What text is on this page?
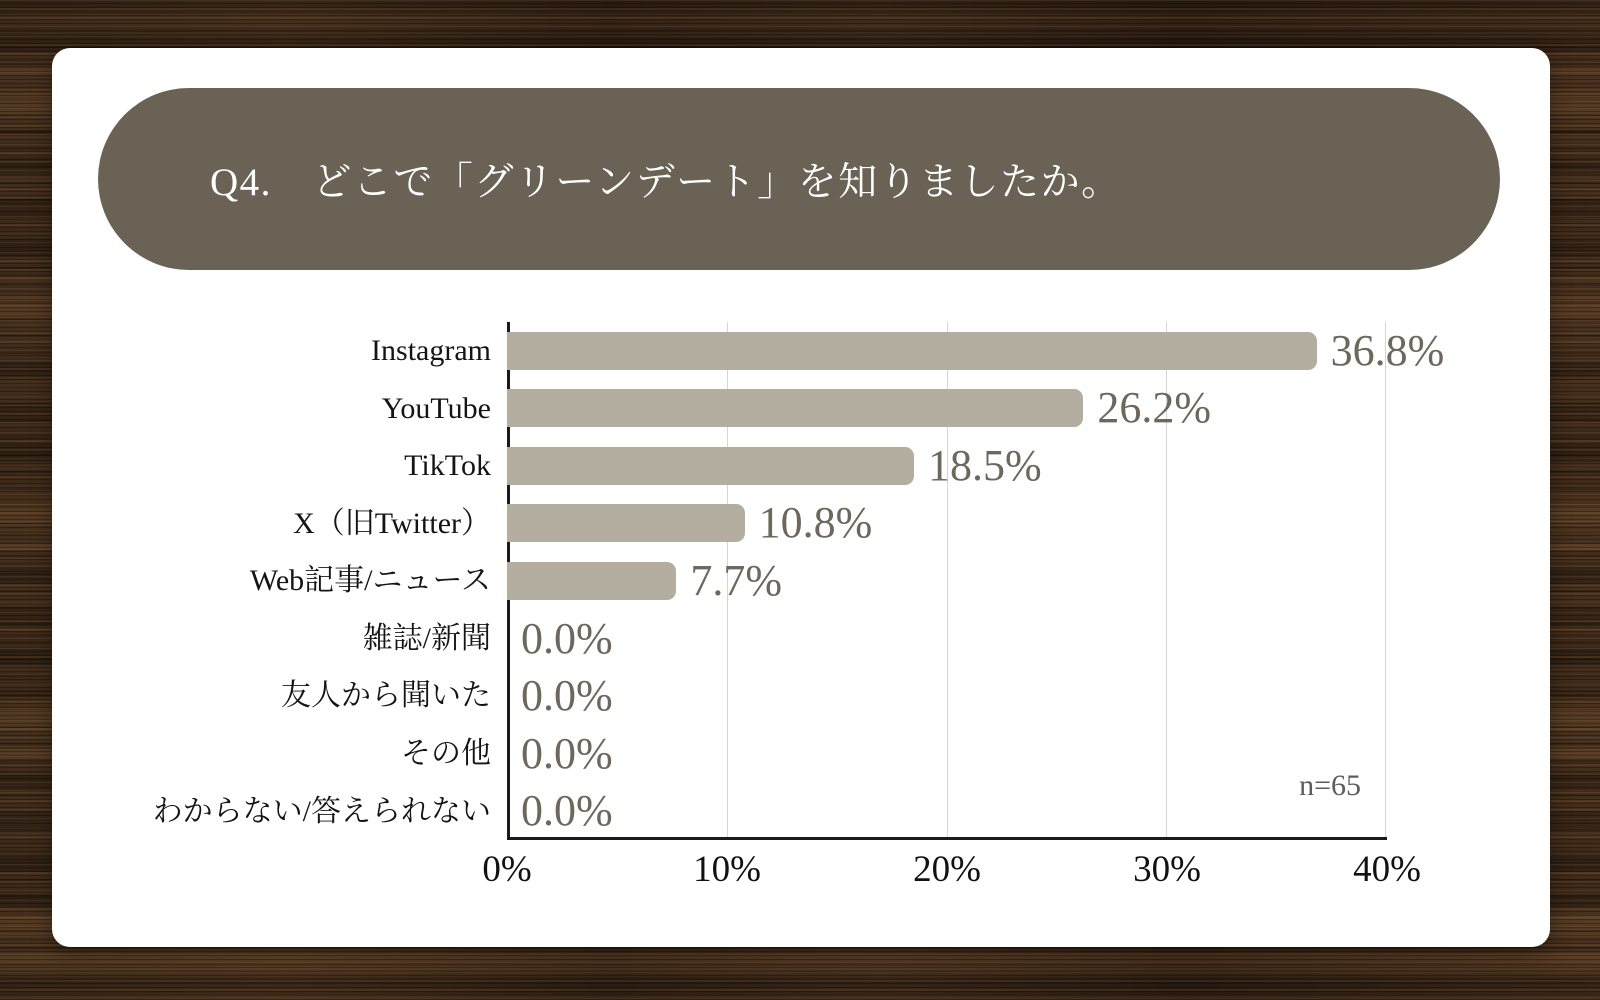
Q4.　どこで「グリーンデート」を知りましたか。
n=65
Instagram	36.8%
YouTube	26.2%
TikTok	18.5%
X（旧Twitter）	10.8%
Web記事/ニュース	7.7%
雑誌/新聞 0.0%
友人から聞いた 0.0%
その他 0.0%
わからない/答えられない 0.0%
0%	10%	20%	30%	40%
